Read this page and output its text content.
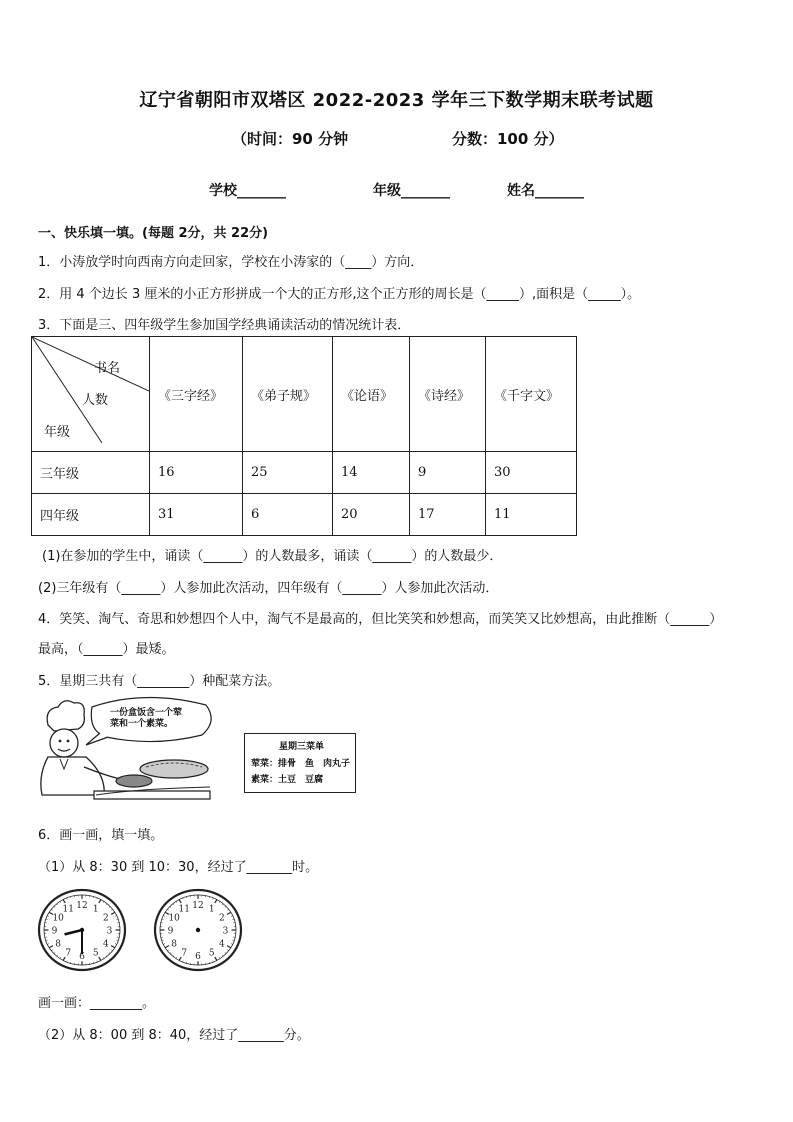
辽宁省朝阳市双塔区 2022-2023 学年三下数学期末联考试题
（时间：90 分钟	分数：100 分）
学校_______	年级_______	姓名_______
一、快乐填一填。(每题 2分，共 22分)
1．小涛放学时向西南方向走回家，学校在小涛家的（____）方向．
2．用 4 个边长 3 厘米的小正方形拼成一个大的正方形,这个正方形的周长是（_____）,面积是（_____）。
3．下面是三、四年级学生参加国学经典诵读活动的情况统计表．
书名
人数
年级	《三字经》	《弟子规》	《论语》	《诗经》	《千字文》
三年级	16	25	14	9	30
四年级	31	6	20	17	11
(1)在参加的学生中，诵读（______）的人数最多，诵读（______）的人数最少．
(2)三年级有（______）人参加此次活动，四年级有（______）人参加此次活动．
4．笑笑、淘气、奇思和妙想四个人中，淘气不是最高的，但比笑笑和妙想高，而笑笑又比妙想高，由此推断（______）
最高，（______）最矮。
5．星期三共有（________）种配菜方法。
一份盒饭含一个荤
菜和一个素菜。
星期三菜单
荤菜：排骨　鱼　肉丸子
素菜：土豆　豆腐
6．画一画，填一填。
（1）从 8：30 到 10：30，经过了_______时。
1
2
3
4
5
6
7
8
9
10
11 12	1
2
3
4
5
6
7
8
9
10
11 12
画一画：________。
（2）从 8：00 到 8：40，经过了_______分。
